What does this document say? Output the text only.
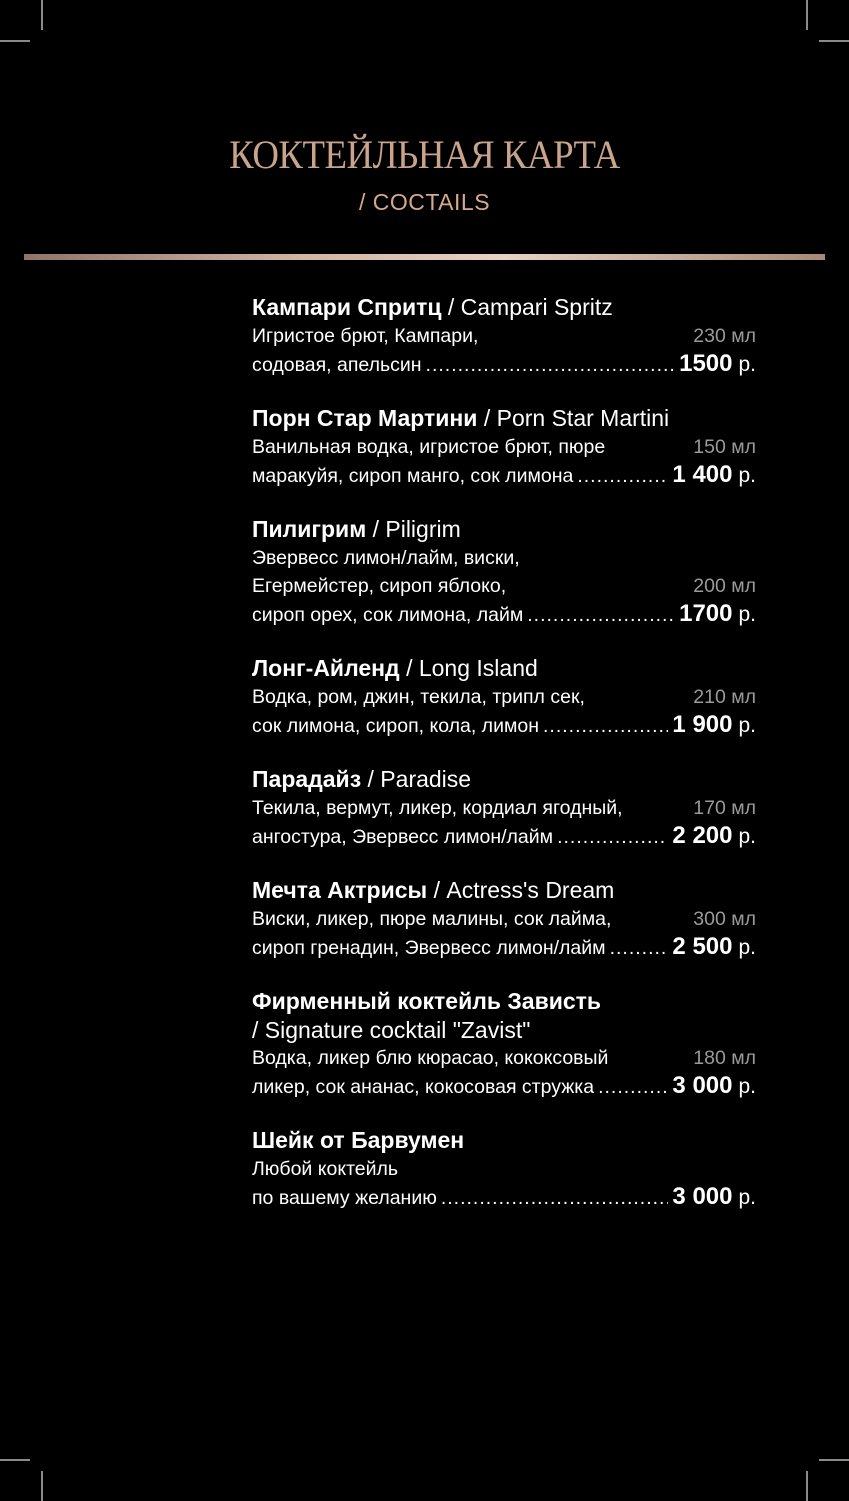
КОКТЕЙЛЬНАЯ КАРТА
/ COCTAILS
Кампари Спритц / Campari Spritz
Игристое брют, Кампари,	230 мл
содовая, апельсин .....	1500 р.
Порн Стар Мартини / Porn Star Martini
Ванильная водка, игристое брют, пюре	150 мл
маракуйя, сироп манго, сок лимона .....	1 400 р.
Пилигрим / Piligrim
Эвервесс лимон/лайм, виски,
Егермейстер, сироп яблоко,	200 мл
сироп орех, сок лимона, лайм .....	1700 р.
Лонг-Айленд / Long Island
Водка, ром, джин, текила, трипл сек,	210 мл
сок лимона, сироп, кола, лимон .....	1 900 р.
Парадайз / Paradise
Текила, вермут, ликер, кордиал ягодный,	170 мл
ангостура, Эвервесс лимон/лайм .....	2 200 р.
Мечта Актрисы / Actress's Dream
Виски, ликер, пюре малины, сок лайма,	300 мл
сироп гренадин, Эвервесс лимон/лайм .....	2 500 р.
Фирменный коктейль Зависть
/ Signature cocktail "Zavist"
Водка, ликер блю кюрасао, кококсовый	180 мл
ликер, сок ананас, кокосовая стружка .....	3 000 р.
Шейк от Барвумен
Любой коктейль
по вашему желанию .....	3 000 р.
